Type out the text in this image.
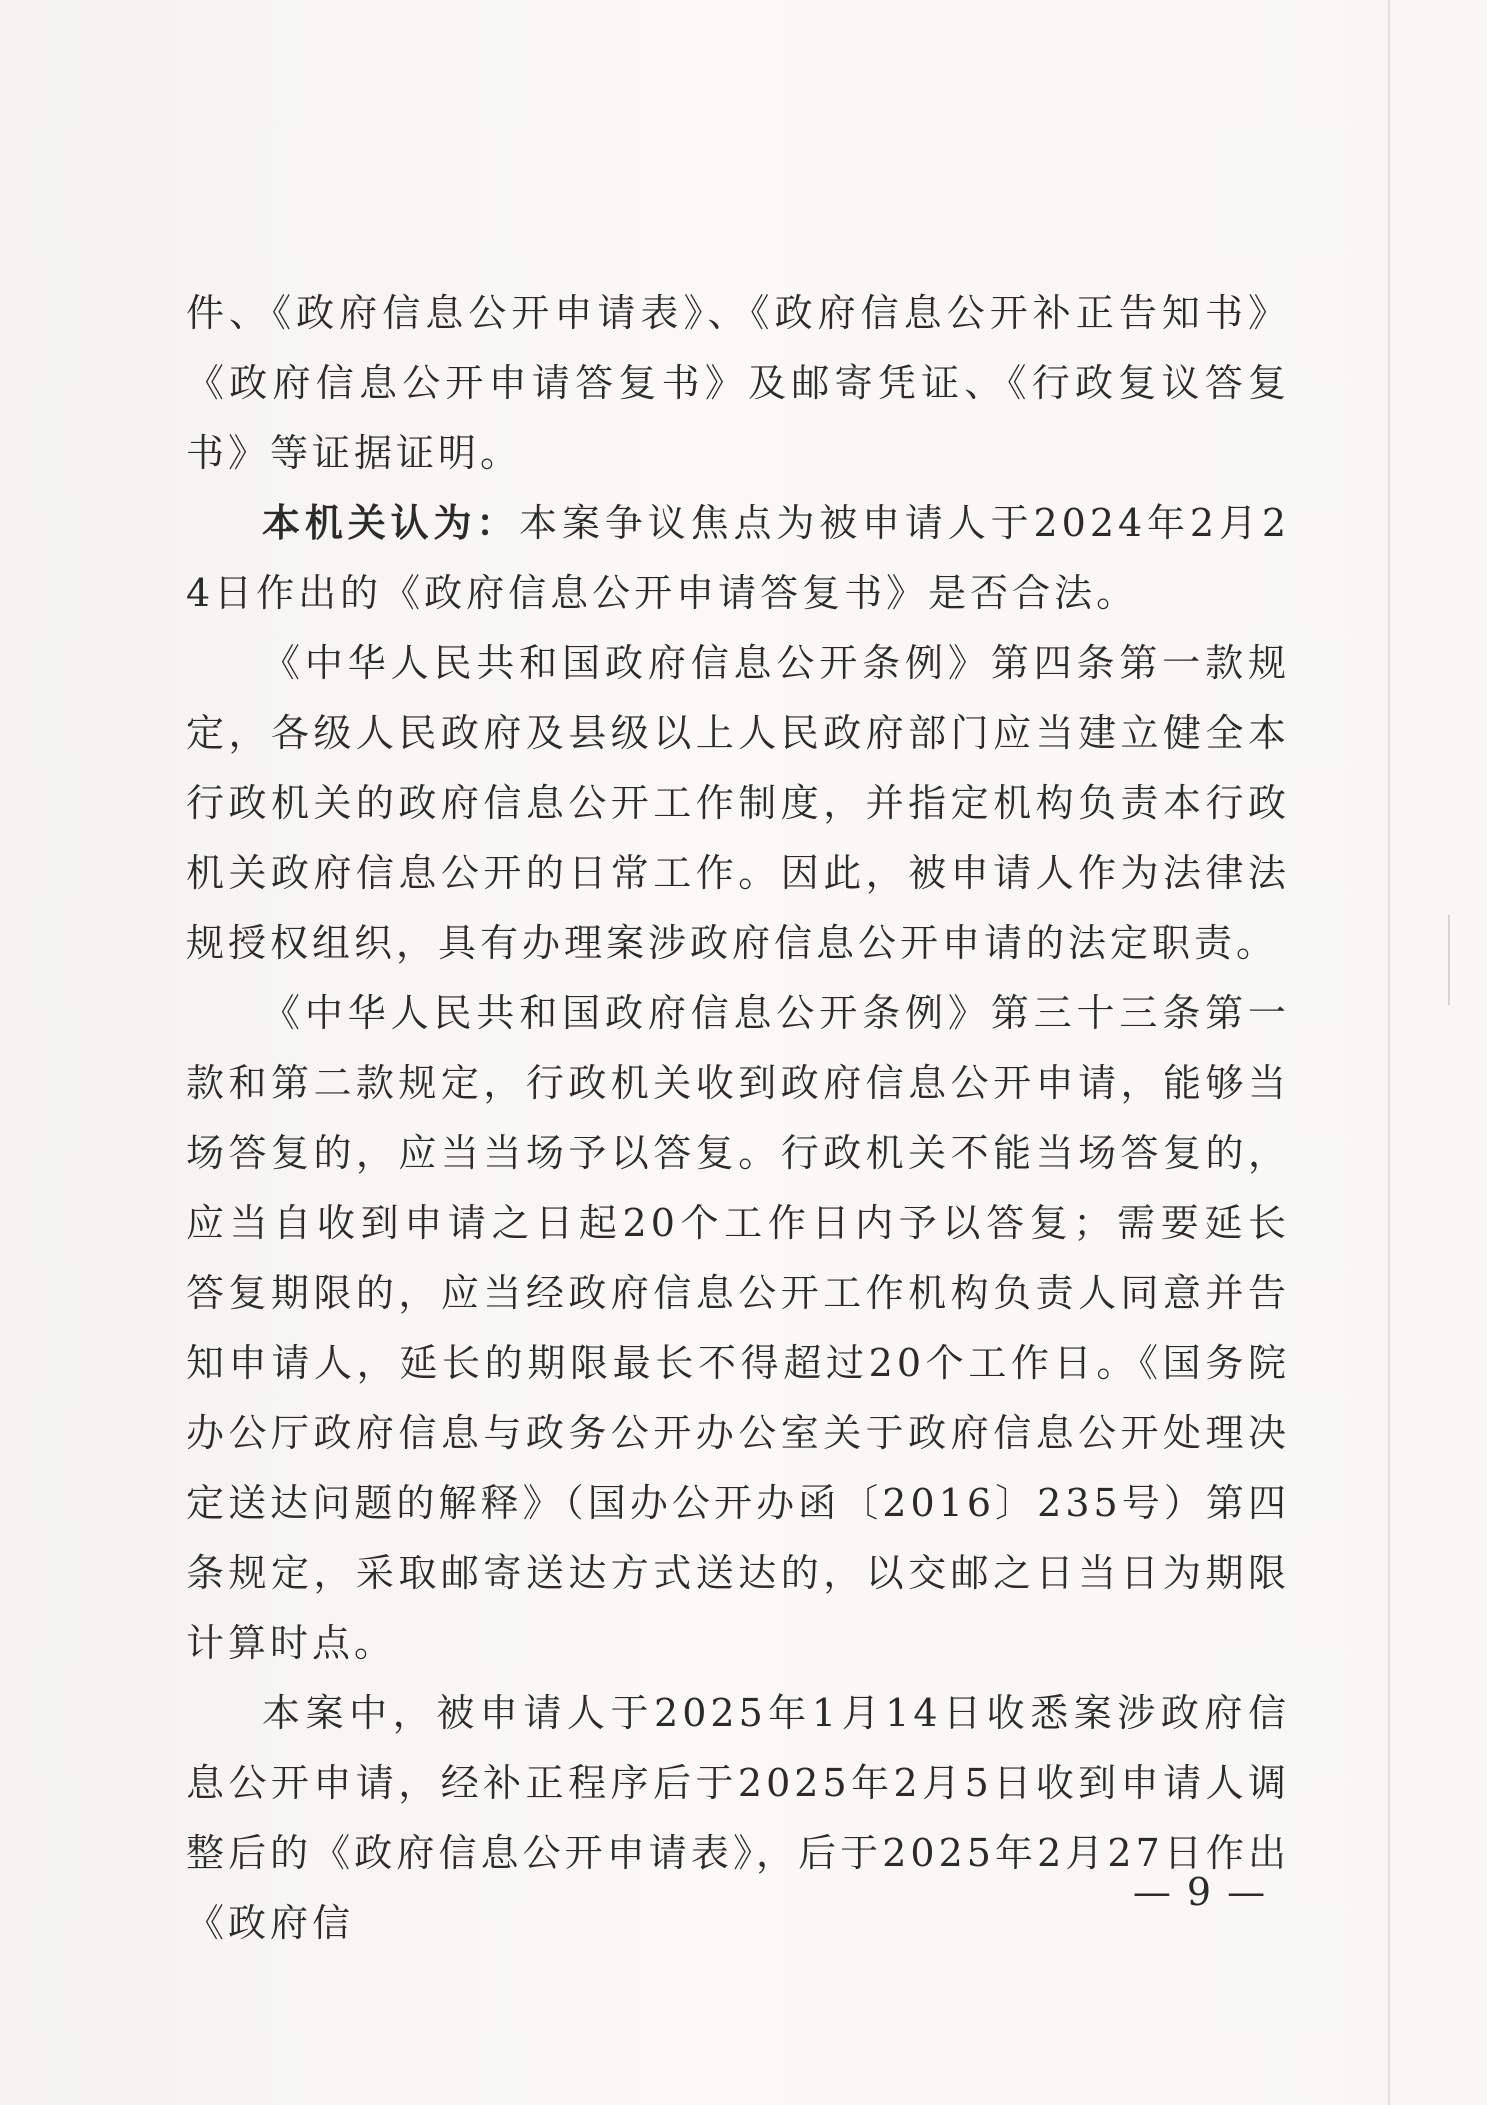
件、《政府信息公开申请表》、《政府信息公开补正告知书》《政府信息公开申请答复书》及邮寄凭证、《行政复议答复书》等证据证明。

本机关认为：本案争议焦点为被申请人于2024年2月24日作出的《政府信息公开申请答复书》是否合法。

《中华人民共和国政府信息公开条例》第四条第一款规定，各级人民政府及县级以上人民政府部门应当建立健全本行政机关的政府信息公开工作制度，并指定机构负责本行政机关政府信息公开的日常工作。因此，被申请人作为法律法规授权组织，具有办理案涉政府信息公开申请的法定职责。

《中华人民共和国政府信息公开条例》第三十三条第一款和第二款规定，行政机关收到政府信息公开申请，能够当场答复的，应当当场予以答复。行政机关不能当场答复的，应当自收到申请之日起20个工作日内予以答复；需要延长答复期限的，应当经政府信息公开工作机构负责人同意并告知申请人，延长的期限最长不得超过20个工作日。《国务院办公厅政府信息与政务公开办公室关于政府信息公开处理决定送达问题的解释》（国办公开办函〔2016〕235号）第四条规定，采取邮寄送达方式送达的，以交邮之日当日为期限计算时点。

本案中，被申请人于2025年1月14日收悉案涉政府信息公开申请，经补正程序后于2025年2月5日收到申请人调整后的《政府信息公开申请表》，后于2025年2月27日作出《政府信

— 9 —
